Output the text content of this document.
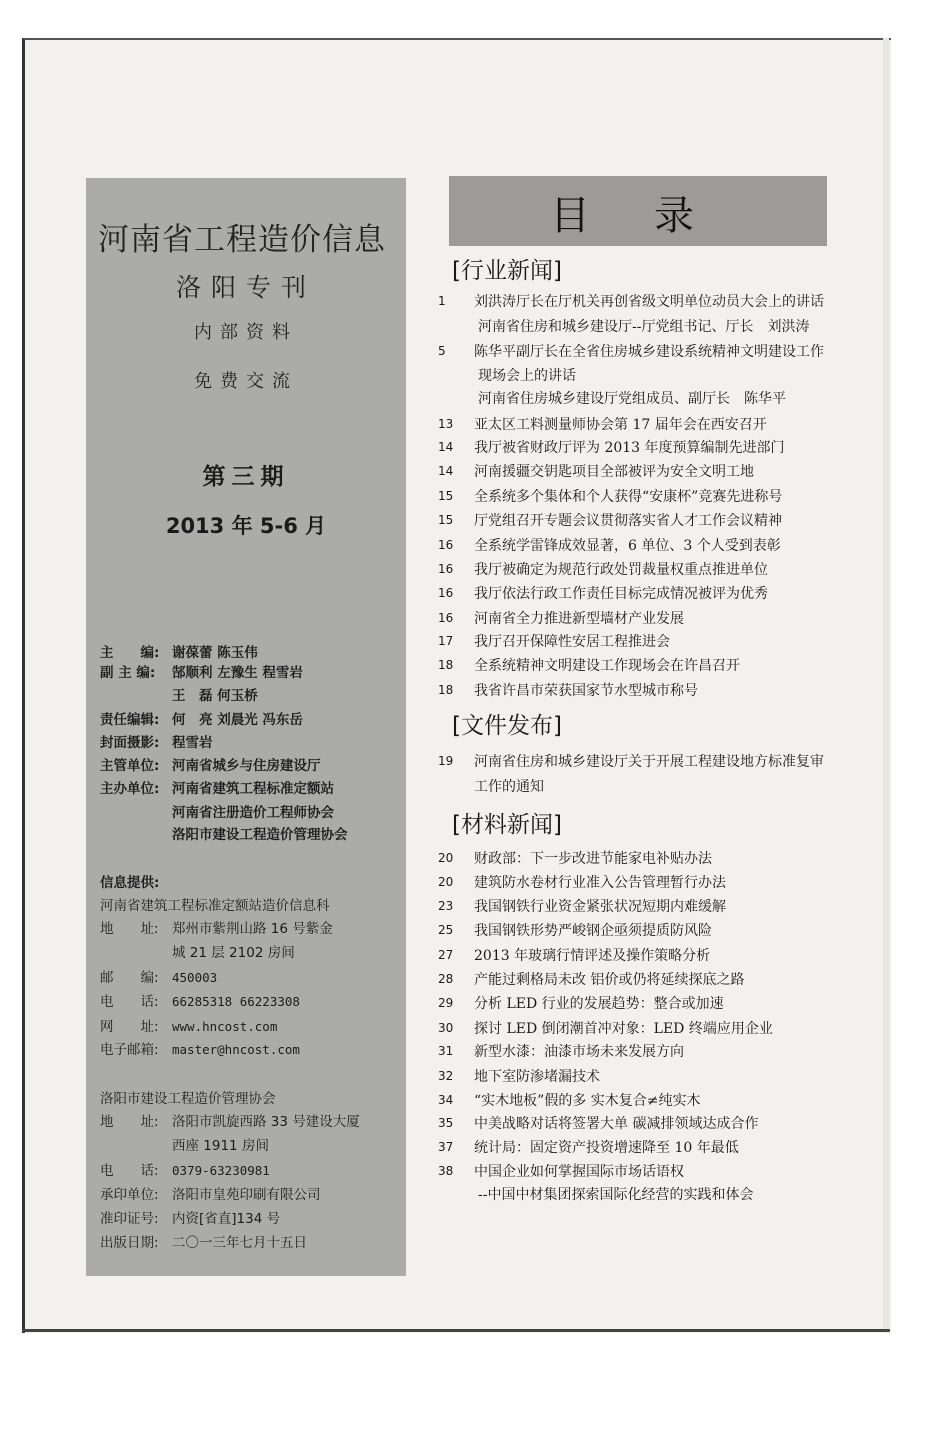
河南省工程造价信息
洛阳专刊
内部资料
免费交流
第三期
2013 年 5-6 月
主　　编: 谢葆蕾 陈玉伟
副 主 编: 郜顺利 左豫生 程雪岩
王　磊 何玉桥
责任编辑: 何　亮 刘晨光 冯东岳
封面摄影: 程雪岩
主管单位: 河南省城乡与住房建设厅
主办单位: 河南省建筑工程标准定额站
河南省注册造价工程师协会
洛阳市建设工程造价管理协会
信息提供:
河南省建筑工程标准定额站造价信息科
地　　址: 郑州市紫荆山路 16 号紫金
城 21 层 2102 房间
邮　　编: 450003
电　　话: 66285318 66223308
网　　址: www.hncost.com
电子邮箱: master@hncost.com
洛阳市建设工程造价管理协会
地　　址: 洛阳市凯旋西路 33 号建设大厦
西座 1911 房间
电　　话: 0379-63230981
承印单位: 洛阳市皇苑印刷有限公司
准印证号: 内资[省直]134 号
出版日期: 二〇一三年七月十五日
目录
[行业新闻]
1	刘洪涛厅长在厅机关再创省级文明单位动员大会上的讲话
河南省住房和城乡建设厅--厅党组书记、厅长　刘洪涛
5	陈华平副厅长在全省住房城乡建设系统精神文明建设工作
现场会上的讲话
河南省住房城乡建设厅党组成员、副厅长　陈华平
13	亚太区工料测量师协会第 17 届年会在西安召开
14	我厅被省财政厅评为 2013 年度预算编制先进部门
14	河南援疆交钥匙项目全部被评为安全文明工地
15	全系统多个集体和个人获得“安康杯”竞赛先进称号
15	厅党组召开专题会议贯彻落实省人才工作会议精神
16	全系统学雷锋成效显著，6 单位、3 个人受到表彰
16	我厅被确定为规范行政处罚裁量权重点推进单位
16	我厅依法行政工作责任目标完成情况被评为优秀
16	河南省全力推进新型墙材产业发展
17	我厅召开保障性安居工程推进会
18	全系统精神文明建设工作现场会在许昌召开
18	我省许昌市荣获国家节水型城市称号
[文件发布]
19	河南省住房和城乡建设厅关于开展工程建设地方标准复审
工作的通知
[材料新闻]
20	财政部：下一步改进节能家电补贴办法
20	建筑防水卷材行业准入公告管理暂行办法
23	我国钢铁行业资金紧张状况短期内难缓解
25	我国钢铁形势严峻钢企亟须提质防风险
27	2013 年玻璃行情评述及操作策略分析
28	产能过剩格局未改 铝价或仍将延续探底之路
29	分析 LED 行业的发展趋势：整合或加速
30	探讨 LED 倒闭潮首冲对象：LED 终端应用企业
31	新型水漆：油漆市场未来发展方向
32	地下室防渗堵漏技术
34	“实木地板”假的多 实木复合≠纯实木
35	中美战略对话将签署大单 碳减排领域达成合作
37	统计局：固定资产投资增速降至 10 年最低
38	中国企业如何掌握国际市场话语权
--中国中材集团探索国际化经营的实践和体会
